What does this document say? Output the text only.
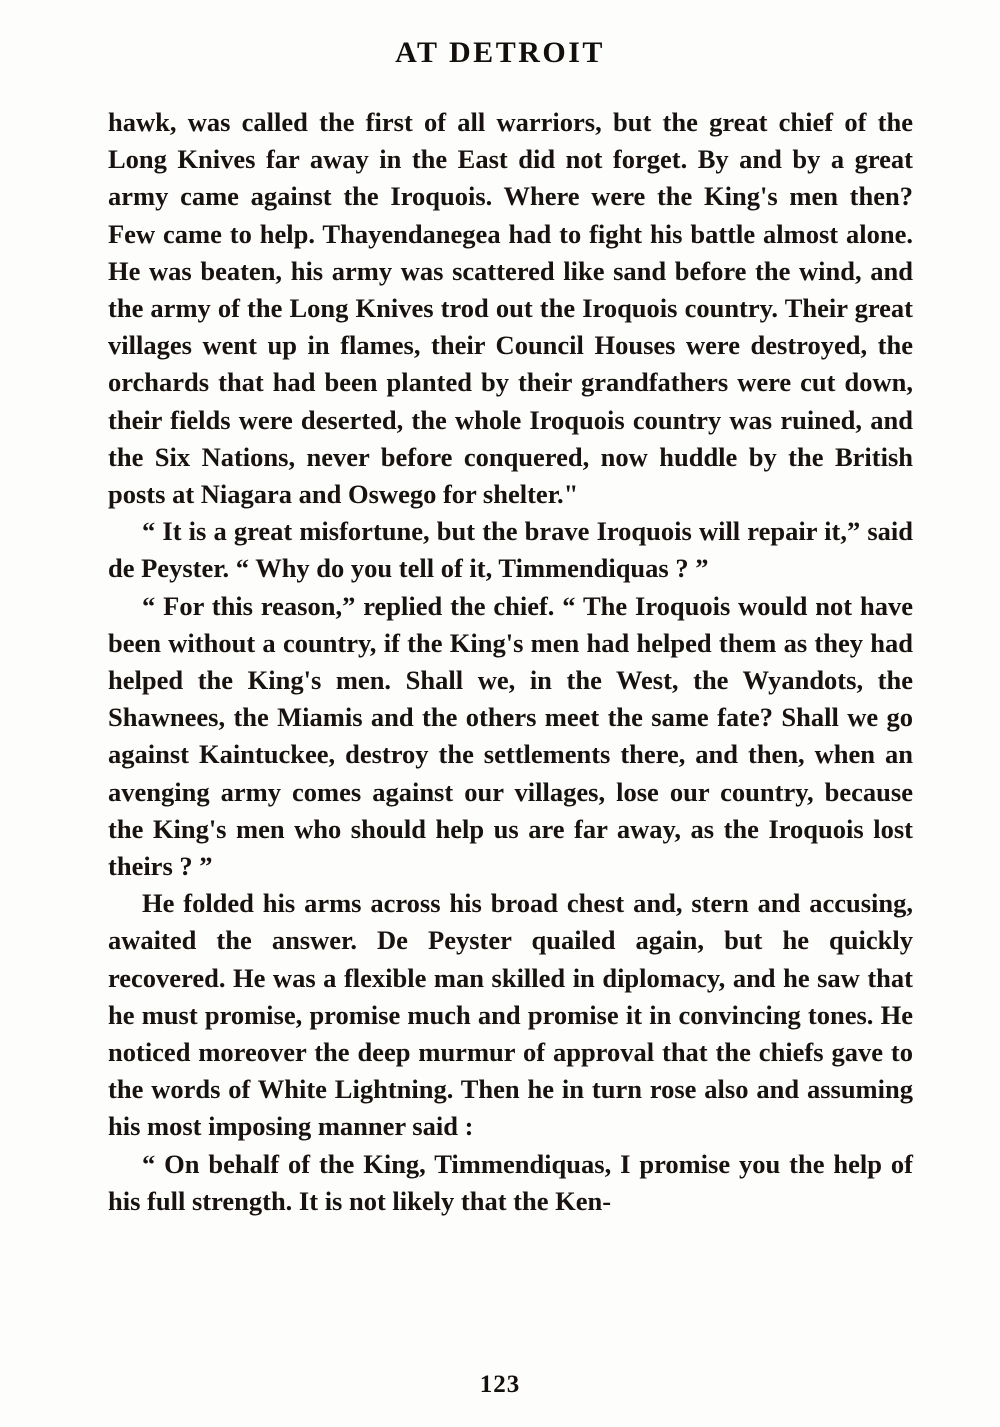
AT DETROIT

hawk, was called the first of all warriors, but the great chief of the Long Knives far away in the East did not forget. By and by a great army came against the Iroquois. Where were the King's men then? Few came to help. Thayendanegea had to fight his battle almost alone. He was beaten, his army was scattered like sand before the wind, and the army of the Long Knives trod out the Iroquois country. Their great villages went up in flames, their Council Houses were destroyed, the orchards that had been planted by their grandfathers were cut down, their fields were deserted, the whole Iroquois country was ruined, and the Six Nations, never before conquered, now huddle by the British posts at Niagara and Oswego for shelter."

“ It is a great misfortune, but the brave Iroquois will repair it,” said de Peyster. “ Why do you tell of it, Timmendiquas ? ”

“ For this reason,” replied the chief. “ The Iroquois would not have been without a country, if the King's men had helped them as they had helped the King's men. Shall we, in the West, the Wyandots, the Shawnees, the Miamis and the others meet the same fate? Shall we go against Kaintuckee, destroy the settlements there, and then, when an avenging army comes against our villages, lose our country, because the King's men who should help us are far away, as the Iroquois lost theirs ? ”

He folded his arms across his broad chest and, stern and accusing, awaited the answer. De Peyster quailed again, but he quickly recovered. He was a flexible man skilled in diplomacy, and he saw that he must promise, promise much and promise it in convincing tones. He noticed moreover the deep murmur of approval that the chiefs gave to the words of White Lightning. Then he in turn rose also and assuming his most imposing manner said :

“ On behalf of the King, Timmendiquas, I promise you the help of his full strength. It is not likely that the Ken-

123
